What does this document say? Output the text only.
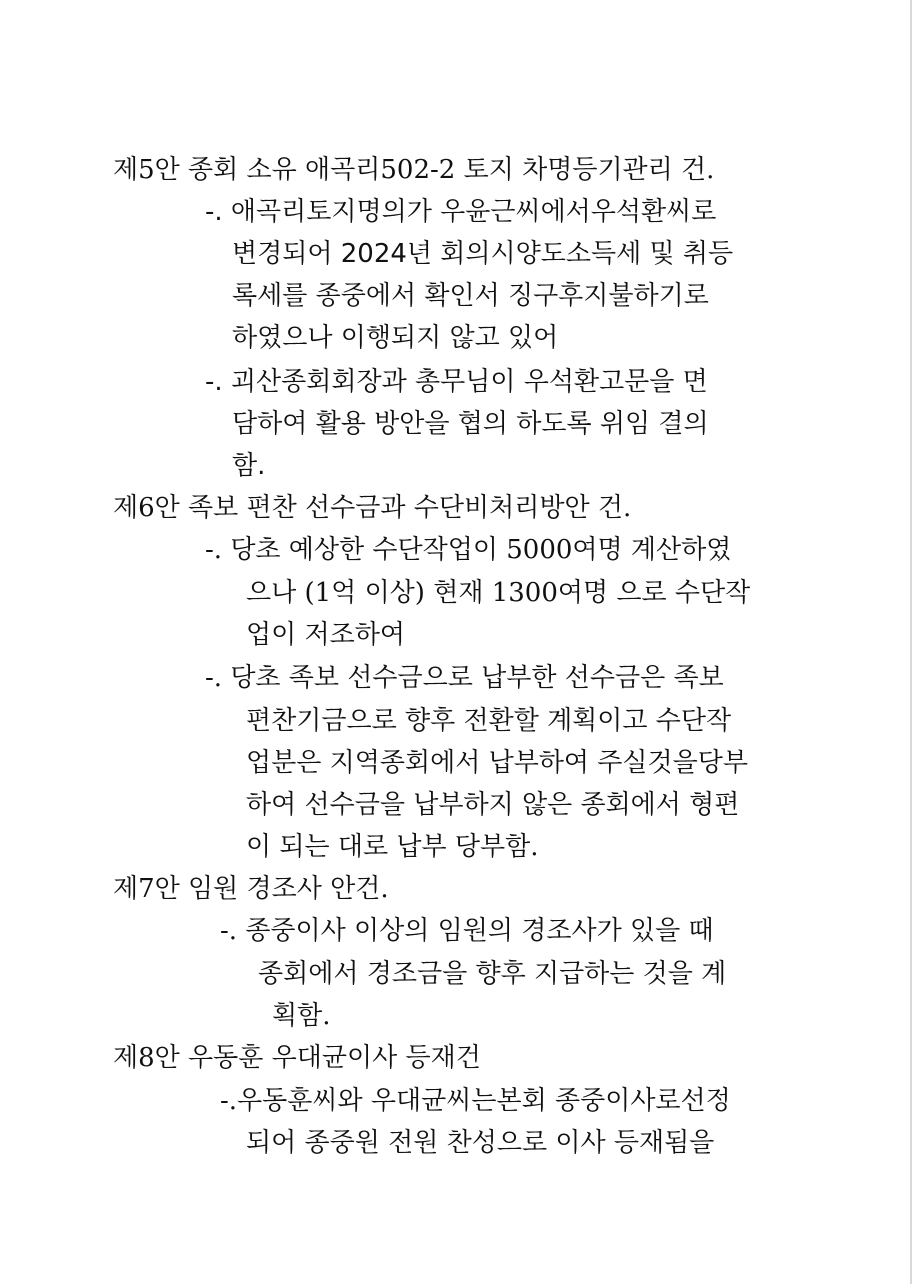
제5안 종회 소유 애곡리502-2 토지 차명등기관리 건.
-. 애곡리토지명의가 우윤근씨에서우석환씨로
변경되어 2024년 회의시양도소득세 및 취등
록세를 종중에서 확인서 징구후지불하기로
하였으나 이행되지 않고 있어
-. 괴산종회회장과 총무님이 우석환고문을 면
담하여 활용 방안을 협의 하도록 위임 결의
함.
제6안 족보 편찬 선수금과 수단비처리방안 건.
-. 당초 예상한 수단작업이 5000여명 계산하였
으나 (1억 이상) 현재 1300여명 으로 수단작
업이 저조하여
-. 당초 족보 선수금으로 납부한 선수금은 족보
편찬기금으로 향후 전환할 계획이고 수단작
업분은 지역종회에서 납부하여 주실것을당부
하여 선수금을 납부하지 않은 종회에서 형편
이 되는 대로 납부 당부함.
제7안 임원 경조사 안건.
-. 종중이사 이상의 임원의 경조사가 있을 때
종회에서 경조금을 향후 지급하는 것을 계
획함.
제8안 우동훈 우대균이사 등재건
-.우동훈씨와 우대균씨는본회 종중이사로선정
되어 종중원 전원 찬성으로 이사 등재됨을
